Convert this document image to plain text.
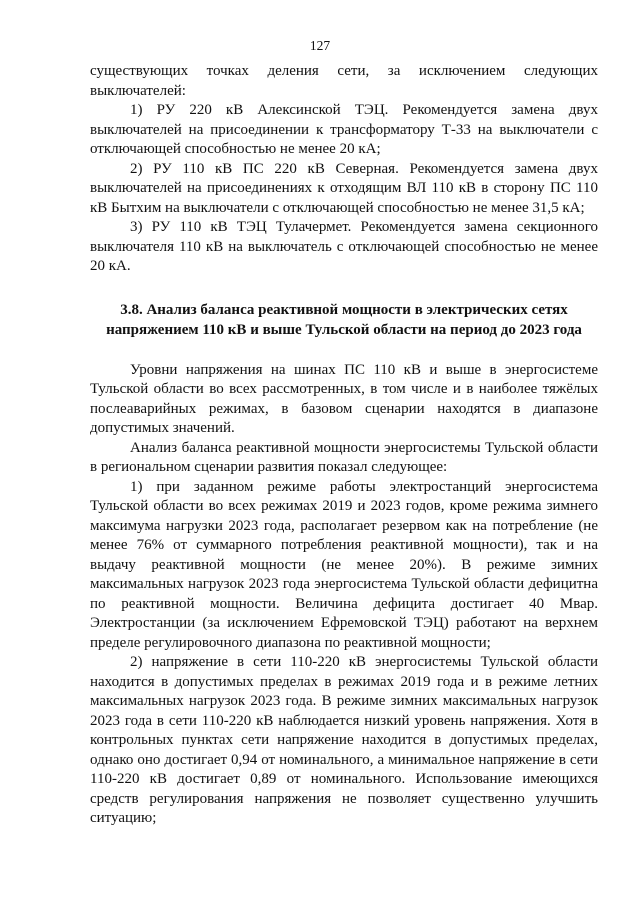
127

существующих точках деления сети, за исключением следующих выключателей:

1) РУ 220 кВ Алексинской ТЭЦ. Рекомендуется замена двух выключателей на присоединении к трансформатору Т-33 на выключатели с отключающей способностью не менее 20 кА;

2) РУ 110 кВ ПС 220 кВ Северная. Рекомендуется замена двух выключателей на присоединениях к отходящим ВЛ 110 кВ в сторону ПС 110 кВ Бытхим на выключатели с отключающей способностью не менее 31,5 кА;

3) РУ 110 кВ ТЭЦ Тулачермет. Рекомендуется замена секционного выключателя 110 кВ на выключатель с отключающей способностью не менее 20 кА.

3.8. Анализ баланса реактивной мощности в электрических сетях

напряжением 110 кВ и выше Тульской области на период до 2023 года

Уровни напряжения на шинах ПС 110 кВ и выше в энергосистеме Тульской области во всех рассмотренных, в том числе и в наиболее тяжёлых послеаварийных режимах, в базовом сценарии находятся в диапазоне допустимых значений.

Анализ баланса реактивной мощности энергосистемы Тульской области в региональном сценарии развития показал следующее:

1) при заданном режиме работы электростанций энергосистема Тульской области во всех режимах 2019 и 2023 годов, кроме режима зимнего максимума нагрузки 2023 года, располагает резервом как на потребление (не менее 76% от суммарного потребления реактивной мощности), так и на выдачу реактивной мощности (не менее 20%). В режиме зимних максимальных нагрузок 2023 года энергосистема Тульской области дефицитна по реактивной мощности. Величина дефицита достигает 40 Мвар. Электростанции (за исключением Ефремовской ТЭЦ) работают на верхнем пределе регулировочного диапазона по реактивной мощности;

2) напряжение в сети 110-220 кВ энергосистемы Тульской области находится в допустимых пределах в режимах 2019 года и в режиме летних максимальных нагрузок 2023 года. В режиме зимних максимальных нагрузок 2023 года в сети 110-220 кВ наблюдается низкий уровень напряжения. Хотя в контрольных пунктах сети напряжение находится в допустимых пределах, однако оно достигает 0,94 от номинального, а минимальное напряжение в сети 110-220 кВ достигает 0,89 от номинального. Использование имеющихся средств регулирования напряжения не позволяет существенно улучшить ситуацию;
